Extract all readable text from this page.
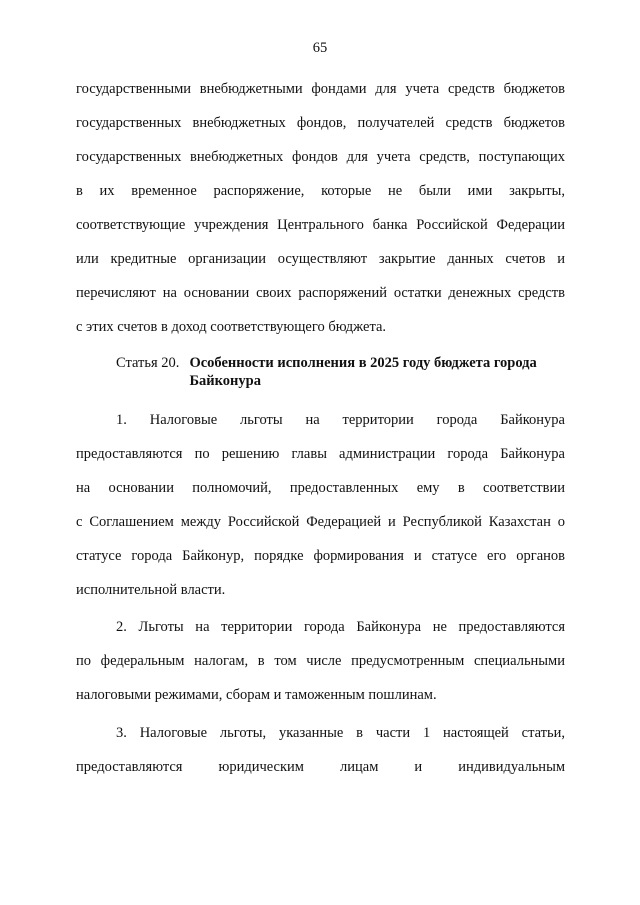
65
государственными внебюджетными фондами для учета средств бюджетов
государственных внебюджетных фондов, получателей средств бюджетов
государственных внебюджетных фондов для учета средств, поступающих
в их временное распоряжение, которые не были ими закрыты,
соответствующие учреждения Центрального банка Российской Федерации
или кредитные организации осуществляют закрытие данных счетов и
перечисляют на основании своих распоряжений остатки денежных средств
с этих счетов в доход соответствующего бюджета.
Статья 20. Особенности исполнения в 2025 году бюджета города Байконура
1. Налоговые льготы на территории города Байконура
предоставляются по решению главы администрации города Байконура
на основании полномочий, предоставленных ему в соответствии
с Соглашением между Российской Федерацией и Республикой Казахстан о
статусе города Байконур, порядке формирования и статусе его органов
исполнительной власти.
2. Льготы на территории города Байконура не предоставляются
по федеральным налогам, в том числе предусмотренным специальными
налоговыми режимами, сборам и таможенным пошлинам.
3. Налоговые льготы, указанные в части 1 настоящей статьи,
предоставляются юридическим лицам и индивидуальным
